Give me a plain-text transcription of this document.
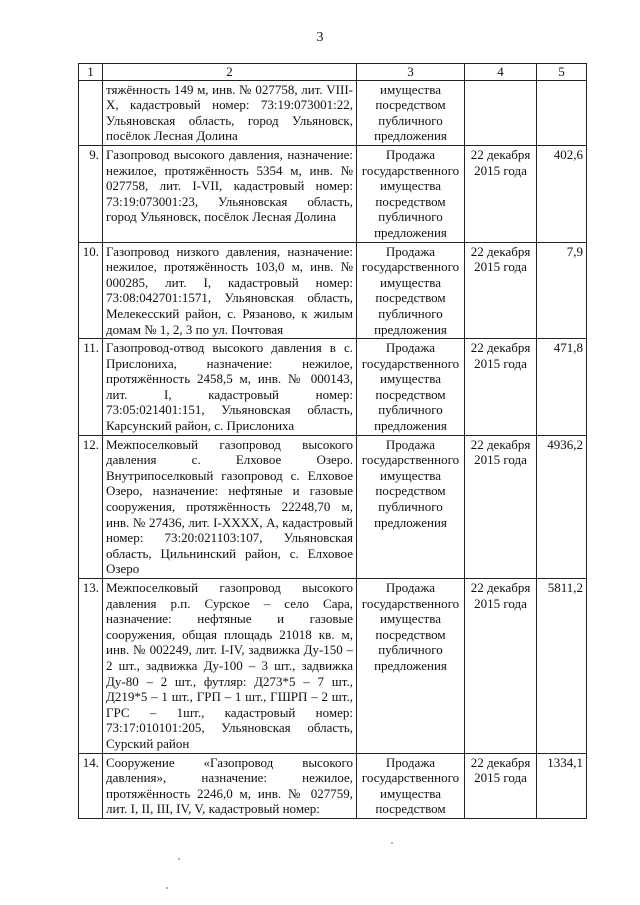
3
1	2	3	4	5
	тяжённость 149 м, инв. № 027758, лит. VIII-X, кадастровый номер: 73:19:073001:22, Ульяновская область, город Ульяновск, посёлок Лесная Долина	имущества посредством публичного предложения		
9.	Газопровод высокого давления, назначение: нежилое, протяжённость 5354 м, инв. № 027758, лит. I-VII, кадастровый номер: 73:19:073001:23, Ульяновская область, город Ульяновск, посёлок Лесная Долина	Продажа государственного имущества посредством публичного предложения	22 декабря 2015 года	402,6
10.	Газопровод низкого давления, назначение: нежилое, протяжённость 103,0 м, инв. № 000285, лит. I, кадастровый номер: 73:08:042701:1571, Ульяновская область, Мелекесский район, с. Рязаново, к жилым домам № 1, 2, 3 по ул. Почтовая	Продажа государственного имущества посредством публичного предложения	22 декабря 2015 года	7,9
11.	Газопровод-отвод высокого давления в с. Прислониха, назначение: нежилое, протяжённость 2458,5 м, инв. № 000143, лит. I, кадастровый номер: 73:05:021401:151, Ульяновская область, Карсунский район, с. Прислониха	Продажа государственного имущества посредством публичного предложения	22 декабря 2015 года	471,8
12.	Межпоселковый газопровод высокого давления с. Елховое Озеро. Внутрипоселковый газопровод с. Елховое Озеро, назначение: нефтяные и газовые сооружения, протяжённость 22248,70 м, инв. № 27436, лит. I-XXXX, А, кадастровый номер: 73:20:021103:107, Ульяновская область, Цильнинский район, с. Елховое Озеро	Продажа государственного имущества посредством публичного предложения	22 декабря 2015 года	4936,2
13.	Межпоселковый газопровод высокого давления р.п. Сурское – село Сара, назначение: нефтяные и газовые сооружения, общая площадь 21018 кв. м, инв. № 002249, лит. I-IV, задвижка Ду-150 – 2 шт., задвижка Ду-100 – 3 шт., задвижка Ду-80 – 2 шт., футляр: Д273*5 – 7 шт., Д219*5 – 1 шт., ГРП – 1 шт., ГШРП – 2 шт., ГРС – 1шт., кадастровый номер: 73:17:010101:205, Ульяновская область, Сурский район	Продажа государственного имущества посредством публичного предложения	22 декабря 2015 года	5811,2
14.	Сооружение «Газопровод высокого давления», назначение: нежилое, протяжённость 2246,0 м, инв. № 027759, лит. I, II, III, IV, V, кадастровый номер:	Продажа государственного имущества посредством	22 декабря 2015 года	1334,1
